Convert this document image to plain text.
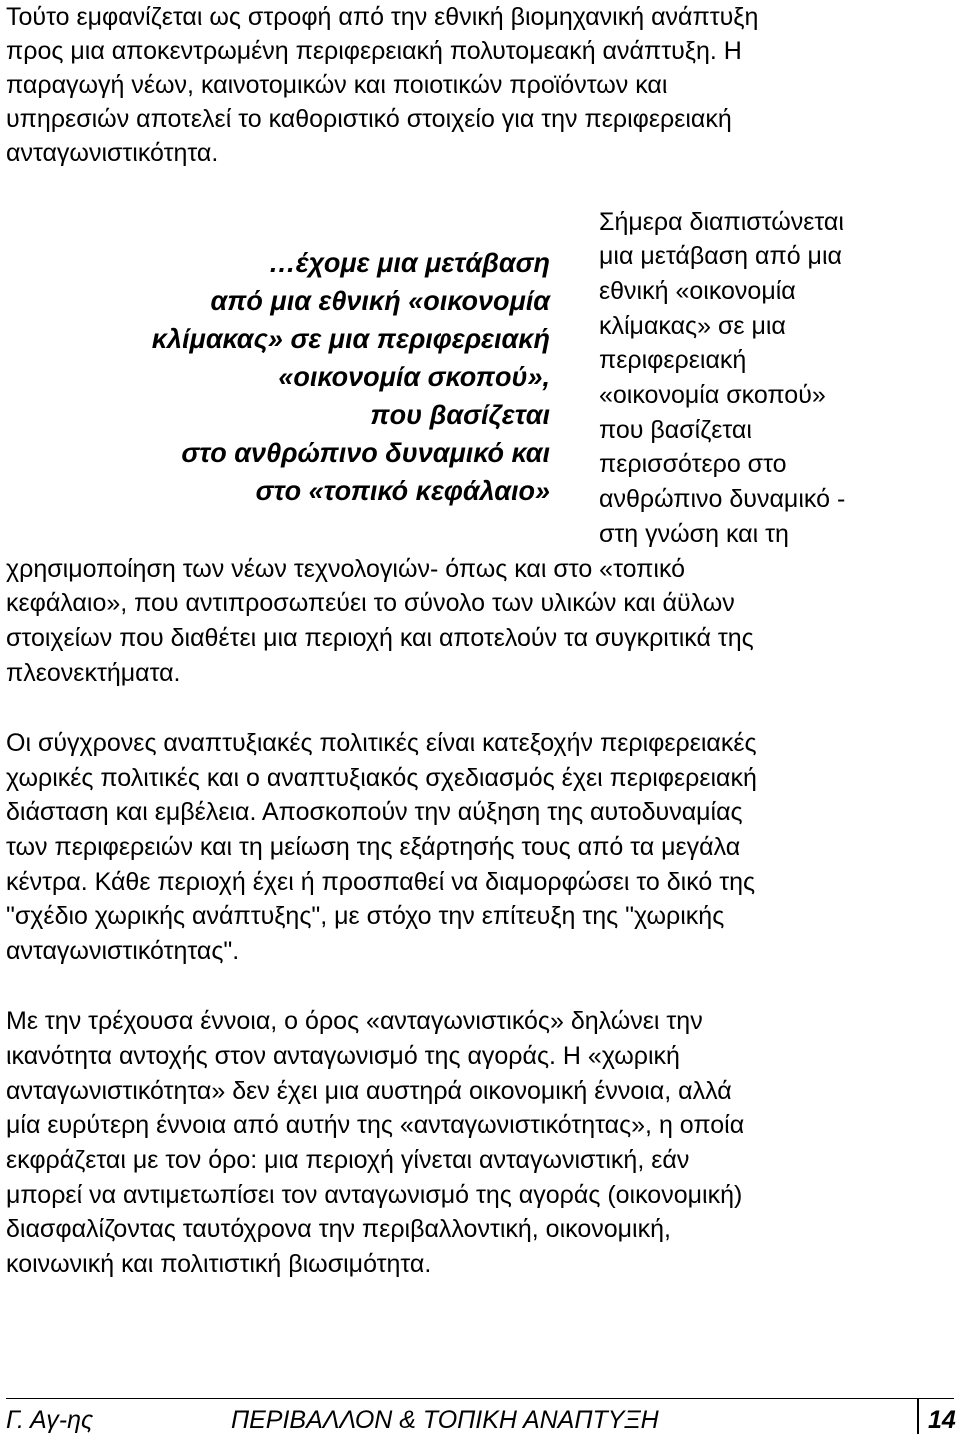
Τούτο εμφανίζεται ως στροφή από την εθνική βιομηχανική ανάπτυξη

προς μια αποκεντρωμένη περιφερειακή πολυτομεακή ανάπτυξη. Η

παραγωγή νέων, καινοτομικών και ποιοτικών προϊόντων και

υπηρεσιών αποτελεί το καθοριστικό στοιχείο για την περιφερειακή

ανταγωνιστικότητα.

…έχομε μια μετάβαση

από μια εθνική «οικονομία

κλίμακας» σε μια περιφερειακή

«οικονομία σκοπού»,

που βασίζεται

στο ανθρώπινο δυναμικό και

στο «τοπικό κεφάλαιο»

Σήμερα διαπιστώνεται

μια μετάβαση από μια

εθνική «οικονομία

κλίμακας» σε μια

περιφερειακή

«οικονομία σκοπού»

που βασίζεται

περισσότερο στο

ανθρώπινο δυναμικό -

στη γνώση και τη

χρησιμοποίηση των νέων τεχνολογιών- όπως και στο «τοπικό

κεφάλαιο», που αντιπροσωπεύει το σύνολο των υλικών και άϋλων

στοιχείων που διαθέτει μια περιοχή και αποτελούν τα συγκριτικά της

πλεονεκτήματα.

Οι σύγχρονες αναπτυξιακές πολιτικές είναι κατεξοχήν περιφερειακές

χωρικές πολιτικές και ο αναπτυξιακός σχεδιασμός έχει περιφερειακή

διάσταση και εμβέλεια. Αποσκοπούν την αύξηση της αυτοδυναμίας

των περιφερειών και τη μείωση της εξάρτησής τους από τα μεγάλα

κέντρα. Κάθε περιοχή έχει ή προσπαθεί να διαμορφώσει το δικό της

"σχέδιο χωρικής ανάπτυξης", με στόχο την επίτευξη της "χωρικής

ανταγωνιστικότητας".

Με την τρέχουσα έννοια, ο όρος «ανταγωνιστικός» δηλώνει την

ικανότητα αντοχής στον ανταγωνισμό της αγοράς. Η «χωρική

ανταγωνιστικότητα» δεν έχει μια αυστηρά οικονομική έννοια, αλλά

μία ευρύτερη έννοια από αυτήν της «ανταγωνιστικότητας», η οποία

εκφράζεται με τον όρο: μια περιοχή γίνεται ανταγωνιστική, εάν

μπορεί να αντιμετωπίσει τον ανταγωνισμό της αγοράς (οικονομική)

διασφαλίζοντας ταυτόχρονα την περιβαλλοντική, οικονομική,

κοινωνική και πολιτιστική βιωσιμότητα.

Γ. Αγ-ης	ΠΕΡΙΒΑΛΛΟΝ & ΤΟΠΙΚΗ ΑΝΑΠΤΥΞΗ	14
